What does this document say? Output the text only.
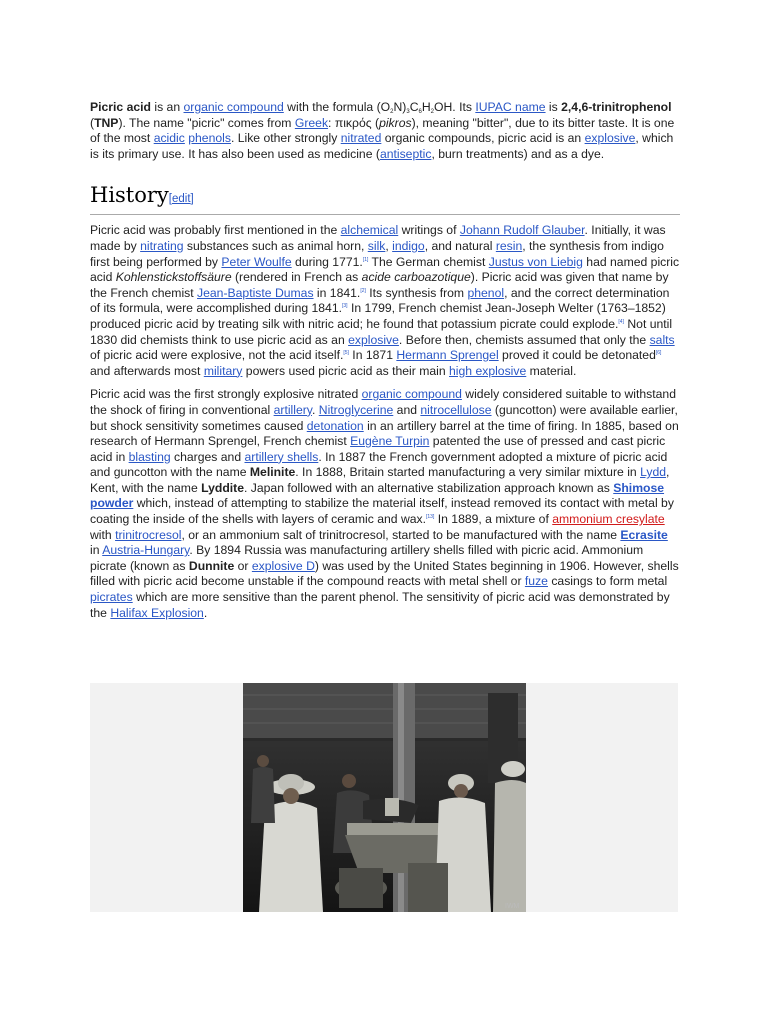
Picric acid is an organic compound with the formula $(O_2N)_3C_6H_2OH$. Its IUPAC name is 2,4,6-trinitrophenol (TNP). The name "picric" comes from Greek: πικρός (pikros), meaning "bitter", due to its bitter taste. It is one of the most acidic phenols. Like other strongly nitrated organic compounds, picric acid is an explosive, which is its primary use. It has also been used as medicine (antiseptic, burn treatments) and as a dye.

History[edit]

Picric acid was probably first mentioned in the alchemical writings of Johann Rudolf Glauber. Initially, it was made by nitrating substances such as animal horn, silk, indigo, and natural resin, the synthesis from indigo first being performed by Peter Woulfe during 1771.[1] The German chemist Justus von Liebig had named picric acid Kohlenstickstoffsäure (rendered in French as acide carboazotique). Picric acid was given that name by the French chemist Jean-Baptiste Dumas in 1841.[2] Its synthesis from phenol, and the correct determination of its formula, were accomplished during 1841.[3] In 1799, French chemist Jean-Joseph Welter (1763–1852) produced picric acid by treating silk with nitric acid; he found that potassium picrate could explode.[4] Not until 1830 did chemists think to use picric acid as an explosive. Before then, chemists assumed that only the salts of picric acid were explosive, not the acid itself.[5] In 1871 Hermann Sprengel proved it could be detonated[6] and afterwards most military powers used picric acid as their main high explosive material.

Picric acid was the first strongly explosive nitrated organic compound widely considered suitable to withstand the shock of firing in conventional artillery. Nitroglycerine and nitrocellulose (guncotton) were available earlier, but shock sensitivity sometimes caused detonation in an artillery barrel at the time of firing. In 1885, based on research of Hermann Sprengel, French chemist Eugène Turpin patented the use of pressed and cast picric acid in blasting charges and artillery shells. In 1887 the French government adopted a mixture of picric acid and guncotton with the name Melinite. In 1888, Britain started manufacturing a very similar mixture in Lydd, Kent, with the name Lyddite. Japan followed with an alternative stabilization approach known as Shimose powder which, instead of attempting to stabilize the material itself, instead removed its contact with metal by coating the inside of the shells with layers of ceramic and wax.[13] In 1889, a mixture of ammonium cresylate with trinitrocresol, or an ammonium salt of trinitrocresol, started to be manufactured with the name Ecrasite in Austria-Hungary. By 1894 Russia was manufacturing artillery shells filled with picric acid. Ammonium picrate (known as Dunnite or explosive D) was used by the United States beginning in 1906. However, shells filled with picric acid become unstable if the compound reacts with metal shell or fuze casings to form metal picrates which are more sensitive than the parent phenol. The sensitivity of picric acid was demonstrated by the Halifax Explosion.

IWM
